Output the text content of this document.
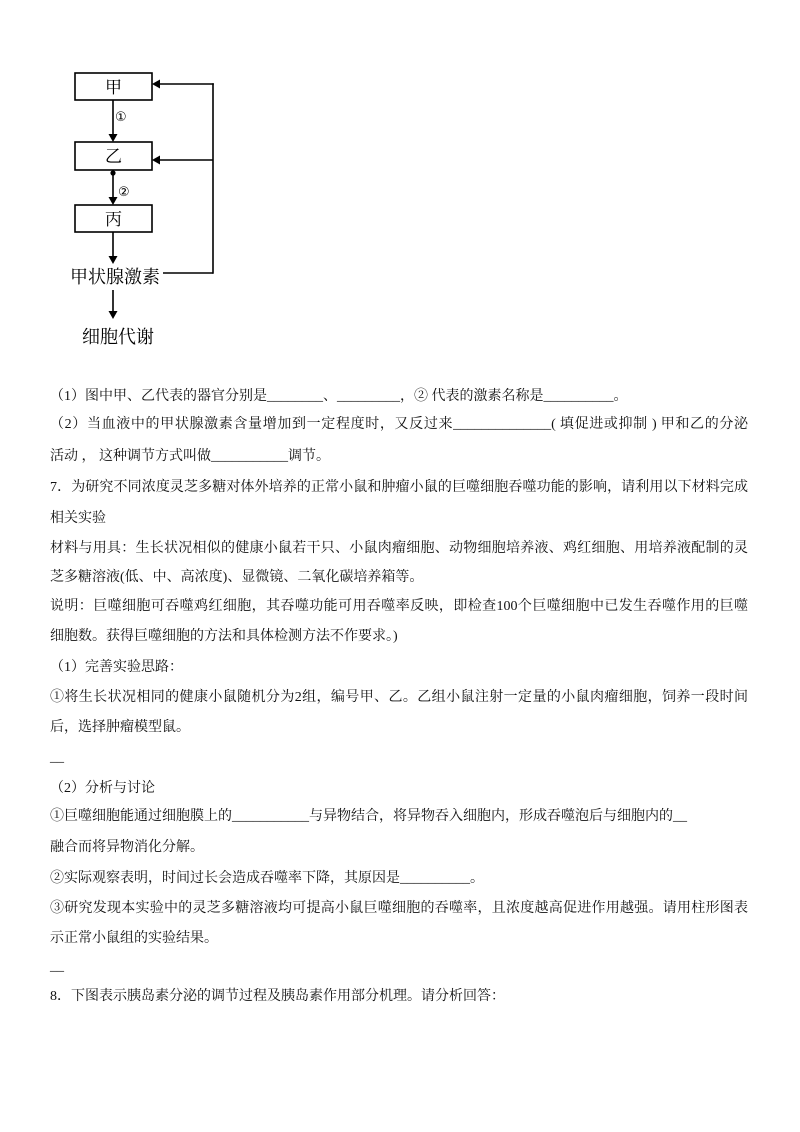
甲
①
乙
②
丙
甲状腺激素
细胞代谢
（1）图中甲、乙代表的器官分别是________、_________，② 代表的激素名称是__________。
（2）当血液中的甲状腺激素含量增加到一定程度时，又反过来______________( 填促进或抑制 ) 甲和乙的分泌
活动 ， 这种调节方式叫做___________调节。
7．为研究不同浓度灵芝多糖对体外培养的正常小鼠和肿瘤小鼠的巨噬细胞吞噬功能的影响，请利用以下材料完成
相关实验
材料与用具：生长状况相似的健康小鼠若干只、小鼠肉瘤细胞、动物细胞培养液、鸡红细胞、用培养液配制的灵
芝多糖溶液(低、中、高浓度)、显微镜、二氧化碳培养箱等。
说明：巨噬细胞可吞噬鸡红细胞，其吞噬功能可用吞噬率反映，即检查100个巨噬细胞中已发生吞噬作用的巨噬
细胞数。获得巨噬细胞的方法和具体检测方法不作要求。)
（1）完善实验思路：
①将生长状况相同的健康小鼠随机分为2组，编号甲、乙。乙组小鼠注射一定量的小鼠肉瘤细胞，饲养一段时间
后，选择肿瘤模型鼠。
__
（2）分析与讨论
①巨噬细胞能通过细胞膜上的___________与异物结合，将异物吞入细胞内，形成吞噬泡后与细胞内的__
融合而将异物消化分解。
②实际观察表明，时间过长会造成吞噬率下降，其原因是__________。
③研究发现本实验中的灵芝多糖溶液均可提高小鼠巨噬细胞的吞噬率，且浓度越高促进作用越强。请用柱形图表
示正常小鼠组的实验结果。
__
8．下图表示胰岛素分泌的调节过程及胰岛素作用部分机理。请分析回答：
